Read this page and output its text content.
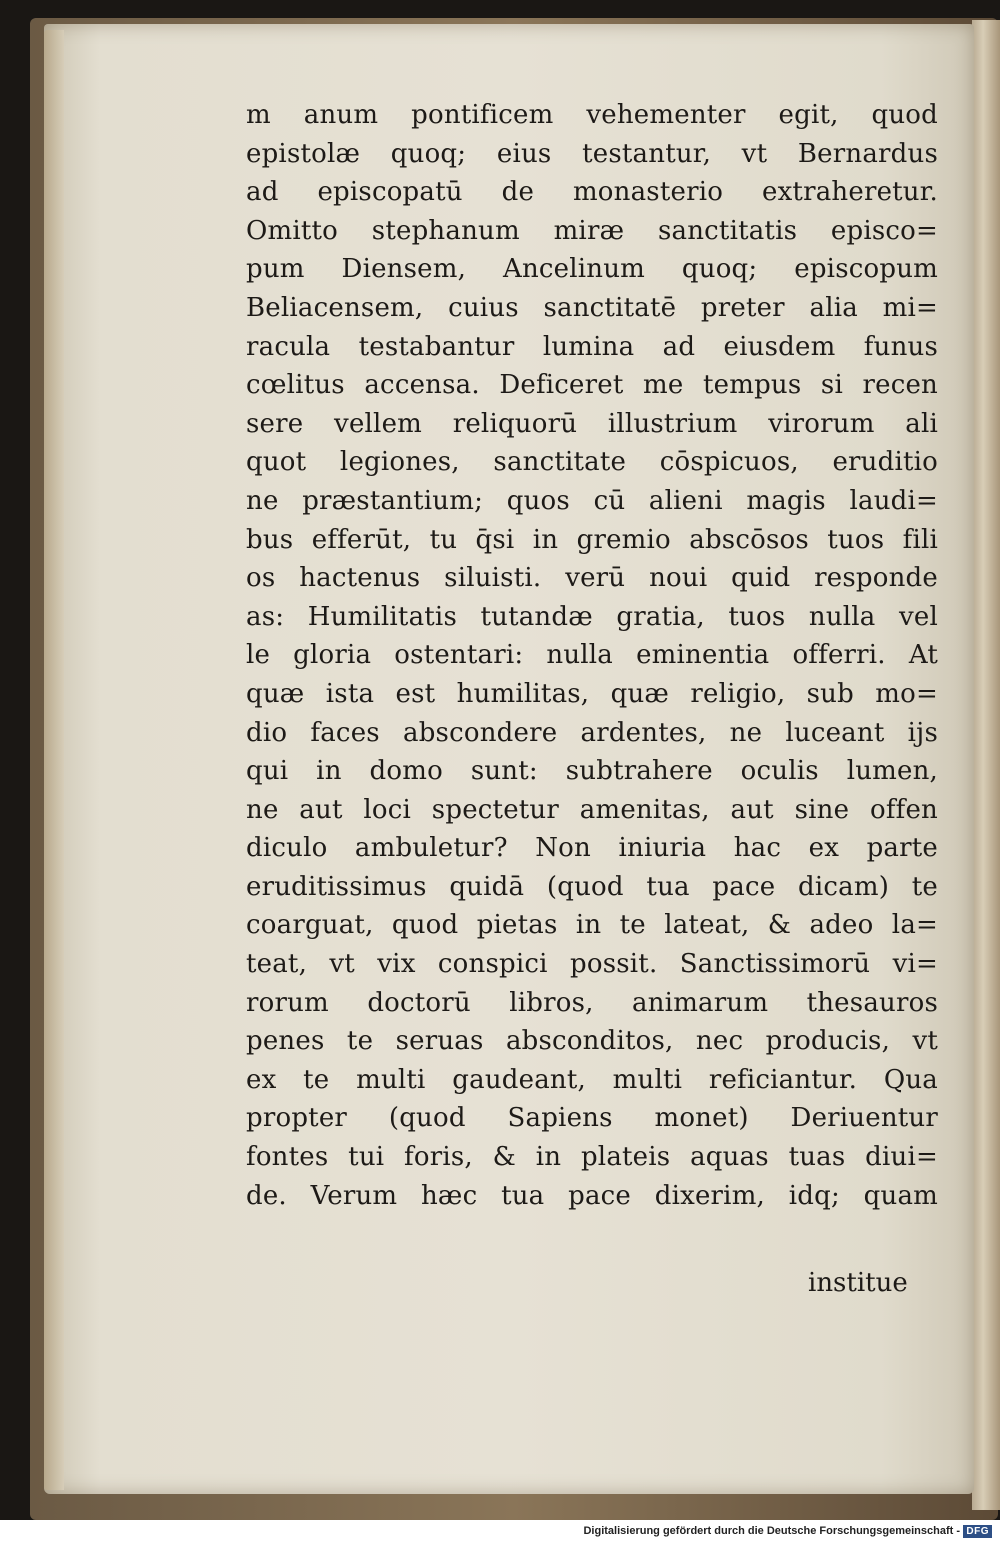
m anum pontificem vehementer egit, quod
epistolæ quoq; eius testantur, vt Bernardus
ad episcopatū de monasterio extraheretur.
Omitto stephanum miræ sanctitatis episco=
pum Diensem, Ancelinum quoq; episcopum
Beliacensem, cuius sanctitatē preter alia mi=
racula testabantur lumina ad eiusdem funus
cœlitus accensa. Deficeret me tempus si recen
sere vellem reliquorū illustrium virorum ali
quot legiones, sanctitate cōspicuos, eruditio
ne præstantium; quos cū alieni magis laudi=
bus efferūt, tu q̄si in gremio abscōsos tuos fili
os hactenus siluisti. verū noui quid responde
as: Humilitatis tutandæ gratia, tuos nulla vel
le gloria ostentari: nulla eminentia offerri. At
quæ ista est humilitas, quæ religio, sub mo=
dio faces abscondere ardentes, ne luceant ijs
qui in domo sunt: subtrahere oculis lumen,
ne aut loci spectetur amenitas, aut sine offen
diculo ambuletur? Non iniuria hac ex parte
eruditissimus quidā (quod tua pace dicam) te
coarguat, quod pietas in te lateat, & adeo la=
teat, vt vix conspici possit. Sanctissimorū vi=
rorum doctorū libros, animarum thesauros
penes te seruas absconditos, nec producis, vt
ex te multi gaudeant, multi reficiantur. Qua
propter (quod Sapiens monet) Deriuentur
fontes tui foris, & in plateis aquas tuas diui=
de. Verum hæc tua pace dixerim, idq; quam
institue
Digitalisierung gefördert durch die Deutsche Forschungsgemeinschaft - DFG
